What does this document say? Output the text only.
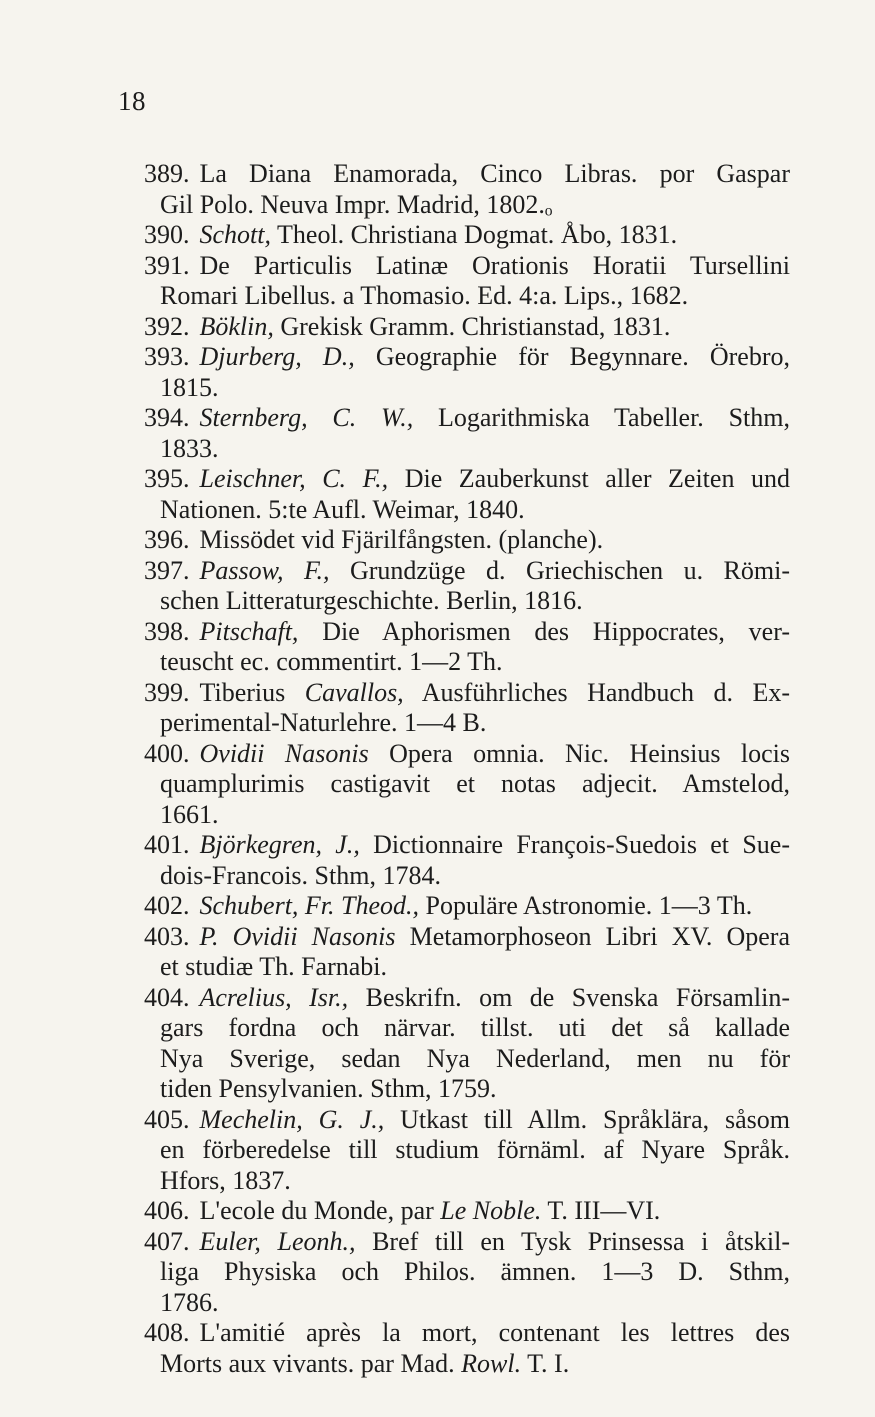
18
389. La Diana Enamorada, Cinco Libras. por Gaspar
Gil Polo. Neuva Impr. Madrid, 1802.ₒ
390. Schott, Theol. Christiana Dogmat. Åbo, 1831.
391. De Particulis Latinæ Orationis Horatii Tursellini
Romari Libellus. a Thomasio. Ed. 4:a. Lips., 1682.
392. Böklin, Grekisk Gramm. Christianstad, 1831.
393. Djurberg, D., Geographie för Begynnare. Örebro,
1815.
394. Sternberg, C. W., Logarithmiska Tabeller. Sthm,
1833.
395. Leischner, C. F., Die Zauberkunst aller Zeiten und
Nationen. 5:te Aufl. Weimar, 1840.
396. Missödet vid Fjärilfångsten. (planche).
397. Passow, F., Grundzüge d. Griechischen u. Römi-
schen Litteraturgeschichte. Berlin, 1816.
398. Pitschaft, Die Aphorismen des Hippocrates, ver-
teuscht ec. commentirt. 1—2 Th.
399. Tiberius Cavallos, Ausführliches Handbuch d. Ex-
perimental-Naturlehre. 1—4 B.
400. Ovidii Nasonis Opera omnia. Nic. Heinsius locis
quamplurimis castigavit et notas adjecit. Amstelod,
1661.
401. Björkegren, J., Dictionnaire François-Suedois et Sue-
dois-Francois. Sthm, 1784.
402. Schubert, Fr. Theod., Populäre Astronomie. 1—3 Th.
403. P. Ovidii Nasonis Metamorphoseon Libri XV. Opera
et studiæ Th. Farnabi.
404. Acrelius, Isr., Beskrifn. om de Svenska Församlin-
gars fordna och närvar. tillst. uti det så kallade
Nya Sverige, sedan Nya Nederland, men nu för
tiden Pensylvanien. Sthm, 1759.
405. Mechelin, G. J., Utkast till Allm. Språklära, såsom
en förberedelse till studium förnäml. af Nyare Språk.
Hfors, 1837.
406. L'ecole du Monde, par Le Noble. T. III—VI.
407. Euler, Leonh., Bref till en Tysk Prinsessa i åtskil-
liga Physiska och Philos. ämnen. 1—3 D. Sthm,
1786.
408. L'amitié après la mort, contenant les lettres des
Morts aux vivants. par Mad. Rowl. T. I.
